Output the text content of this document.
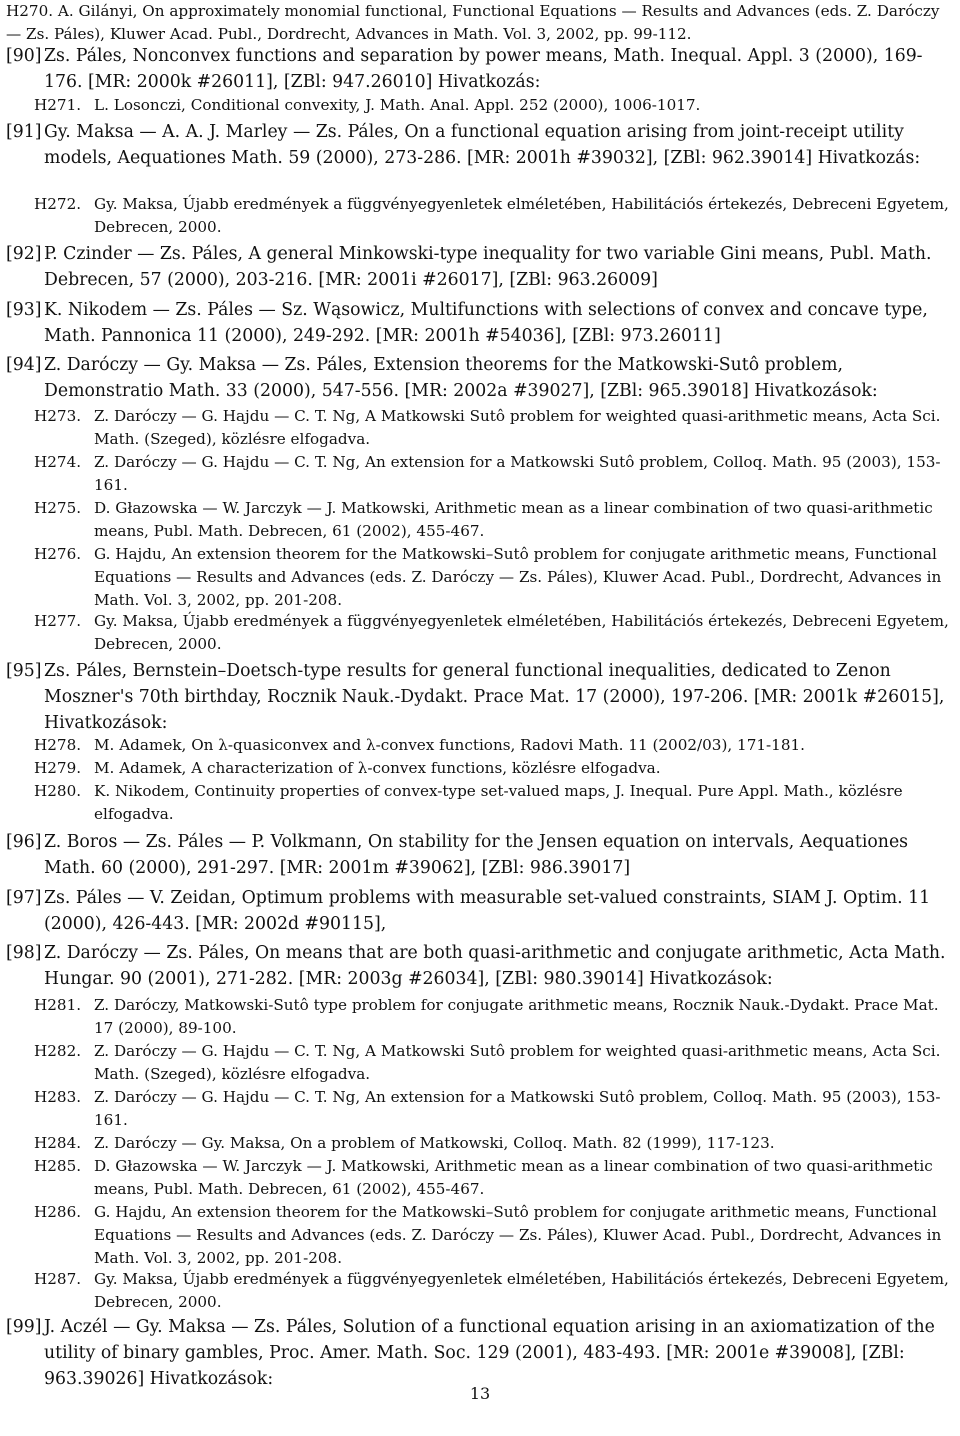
H270. A. Gilányi, On approximately monomial functional, Functional Equations — Results and Advances (eds. Z. Daróczy — Zs. Páles), Kluwer Acad. Publ., Dordrecht, Advances in Math. Vol. 3, 2002, pp. 99-112.
[90] Zs. Páles, Nonconvex functions and separation by power means, Math. Inequal. Appl. 3 (2000), 169-176. [MR: 2000k #26011], [ZBl: 947.26010] Hivatkozás:
H271. L. Losonczi, Conditional convexity, J. Math. Anal. Appl. 252 (2000), 1006-1017.
[91] Gy. Maksa — A. A. J. Marley — Zs. Páles, On a functional equation arising from joint-receipt utility models, Aequationes Math. 59 (2000), 273-286. [MR: 2001h #39032], [ZBl: 962.39014] Hivatkozás:
H272. Gy. Maksa, Újabb eredmények a függvényegyenletek elméletében, Habilitációs értekezés, Debreceni Egyetem, Debrecen, 2000.
[92] P. Czinder — Zs. Páles, A general Minkowski-type inequality for two variable Gini means, Publ. Math. Debrecen, 57 (2000), 203-216. [MR: 2001i #26017], [ZBl: 963.26009]
[93] K. Nikodem — Zs. Páles — Sz. Wąsowicz, Multifunctions with selections of convex and concave type, Math. Pannonica 11 (2000), 249-292. [MR: 2001h #54036], [ZBl: 973.26011]
[94] Z. Daróczy — Gy. Maksa — Zs. Páles, Extension theorems for the Matkowski-Sutô problem, Demonstratio Math. 33 (2000), 547-556. [MR: 2002a #39027], [ZBl: 965.39018] Hivatkozások:
H273. Z. Daróczy — G. Hajdu — C. T. Ng, A Matkowski Sutô problem for weighted quasi-arithmetic means, Acta Sci. Math. (Szeged), közlésre elfogadva.
H274. Z. Daróczy — G. Hajdu — C. T. Ng, An extension for a Matkowski Sutô problem, Colloq. Math. 95 (2003), 153-161.
H275. D. Głazowska — W. Jarczyk — J. Matkowski, Arithmetic mean as a linear combination of two quasi-arithmetic means, Publ. Math. Debrecen, 61 (2002), 455-467.
H276. G. Hajdu, An extension theorem for the Matkowski–Sutô problem for conjugate arithmetic means, Functional Equations — Results and Advances (eds. Z. Daróczy — Zs. Páles), Kluwer Acad. Publ., Dordrecht, Advances in Math. Vol. 3, 2002, pp. 201-208.
H277. Gy. Maksa, Újabb eredmények a függvényegyenletek elméletében, Habilitációs értekezés, Debreceni Egyetem, Debrecen, 2000.
[95] Zs. Páles, Bernstein–Doetsch-type results for general functional inequalities, dedicated to Zenon Moszner's 70th birthday, Rocznik Nauk.-Dydakt. Prace Mat. 17 (2000), 197-206. [MR: 2001k #26015], Hivatkozások:
H278. M. Adamek, On λ-quasiconvex and λ-convex functions, Radovi Math. 11 (2002/03), 171-181.
H279. M. Adamek, A characterization of λ-convex functions, közlésre elfogadva.
H280. K. Nikodem, Continuity properties of convex-type set-valued maps, J. Inequal. Pure Appl. Math., közlésre elfogadva.
[96] Z. Boros — Zs. Páles — P. Volkmann, On stability for the Jensen equation on intervals, Aequationes Math. 60 (2000), 291-297. [MR: 2001m #39062], [ZBl: 986.39017]
[97] Zs. Páles — V. Zeidan, Optimum problems with measurable set-valued constraints, SIAM J. Optim. 11 (2000), 426-443. [MR: 2002d #90115],
[98] Z. Daróczy — Zs. Páles, On means that are both quasi-arithmetic and conjugate arithmetic, Acta Math. Hungar. 90 (2001), 271-282. [MR: 2003g #26034], [ZBl: 980.39014] Hivatkozások:
H281. Z. Daróczy, Matkowski-Sutô type problem for conjugate arithmetic means, Rocznik Nauk.-Dydakt. Prace Mat. 17 (2000), 89-100.
H282. Z. Daróczy — G. Hajdu — C. T. Ng, A Matkowski Sutô problem for weighted quasi-arithmetic means, Acta Sci. Math. (Szeged), közlésre elfogadva.
H283. Z. Daróczy — G. Hajdu — C. T. Ng, An extension for a Matkowski Sutô problem, Colloq. Math. 95 (2003), 153-161.
H284. Z. Daróczy — Gy. Maksa, On a problem of Matkowski, Colloq. Math. 82 (1999), 117-123.
H285. D. Głazowska — W. Jarczyk — J. Matkowski, Arithmetic mean as a linear combination of two quasi-arithmetic means, Publ. Math. Debrecen, 61 (2002), 455-467.
H286. G. Hajdu, An extension theorem for the Matkowski–Sutô problem for conjugate arithmetic means, Functional Equations — Results and Advances (eds. Z. Daróczy — Zs. Páles), Kluwer Acad. Publ., Dordrecht, Advances in Math. Vol. 3, 2002, pp. 201-208.
H287. Gy. Maksa, Újabb eredmények a függvényegyenletek elméletében, Habilitációs értekezés, Debreceni Egyetem, Debrecen, 2000.
[99] J. Aczél — Gy. Maksa — Zs. Páles, Solution of a functional equation arising in an axiomatization of the utility of binary gambles, Proc. Amer. Math. Soc. 129 (2001), 483-493. [MR: 2001e #39008], [ZBl: 963.39026] Hivatkozások:
13
